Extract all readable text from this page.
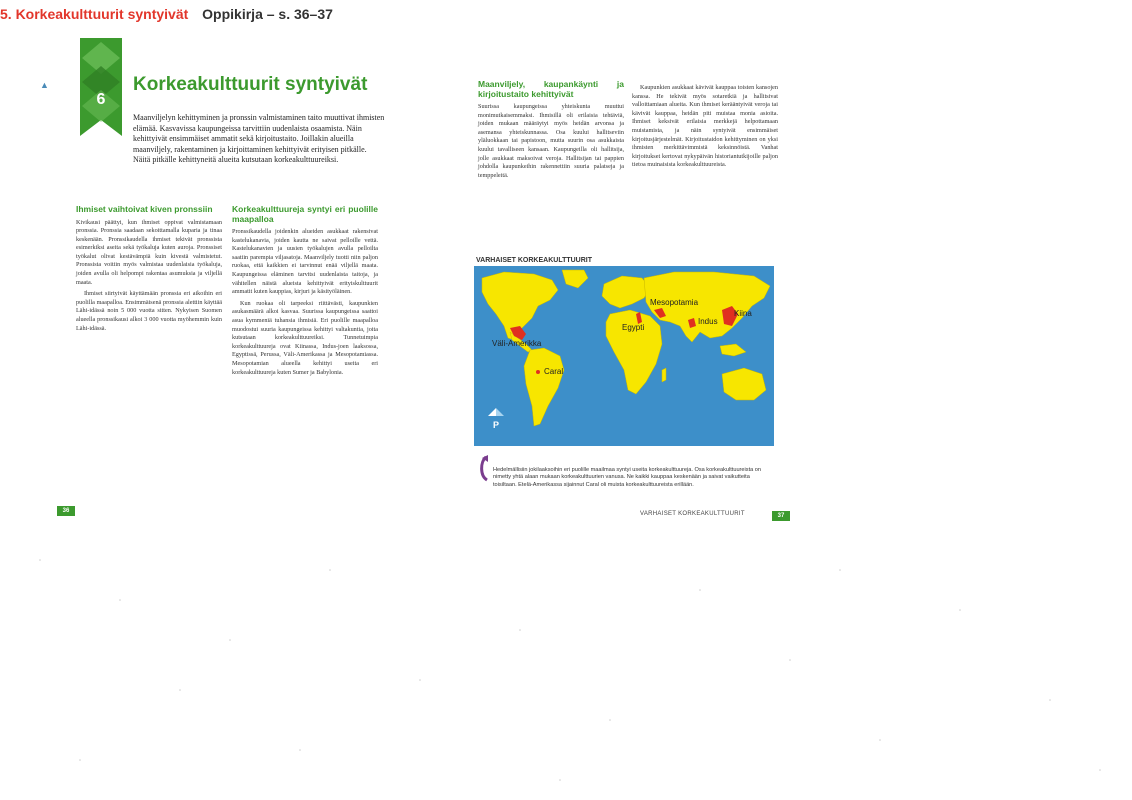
5. Korkeakulttuurit syntyivät Oppikirja – s. 36–37
▲
6
Korkeakulttuurit syntyivät
Maanviljelyn kehittyminen ja pronssin valmistaminen taito muuttivat ihmisten elämää. Kasvavissa kaupungeissa tarvittiin uudenlaista osaamista. Näin kehittyivät ensimmäiset ammatit sekä kirjoitustaito. Joillakin alueilla maanviljely, rakentaminen ja kirjoittaminen kehittyivät erityisen pitkälle. Näitä pitkälle kehittyneitä alueita kutsutaan korkeakulttuureiksi.
Ihmiset vaihtoivat kiven pronssiin

Kivikausi päättyi, kun ihmiset oppivat valmistamaan pronssia. Pronssia saadaan sekoittamalla kuparia ja tinaa keskenään. Pronssikaudella ihmiset tekivät pronssista esimerkiksi aseita sekä työkaluja kuten auroja. Pronssiset työkalut olivat kestävämpiä kuin kivestä valmistetut. Pronssista voitiin myös valmistaa uudenlaisia työkaluja, joiden avulla oli helpompi rakentaa asumuksia ja viljellä maata.

Ihmiset siirtyivät käyttämään pronssia eri aikoihin eri puolilla maapalloa. Ensimmäisenä pronssia alettiin käyttää Lähi-idässä noin 5 000 vuotta sitten. Nykyisen Suomen alueella pronssikausi alkoi 3 000 vuotta myöhemmin kuin Lähi-idässä.

Korkeakulttuureja syntyi eri puolille maapalloa

Pronssikaudella joidenkin alueiden asukkaat rakensivat kastelukanavia, joiden kautta ne saivat pelloille vettä. Kastelukanavien ja uusien työkalujen avulla pelloilta saatiin parempia viljasatoja. Maanviljely tuotti niin paljon ruokaa, että kaikkien ei tarvinnut enää viljellä maata. Kaupungeissa eläminen tarvitsi uudenlaista taitoja, ja vähitellen näistä alueista kehittyivät erityiskulttuurit ammatit kuten kauppias, kirjuri ja käsityöläinen.

Kun ruokaa oli tarpeeksi riittävästi, kaupunkien asukasmäärä alkoi kasvaa. Suurissa kaupungeissa saattoi asua kymmeniä tuhansia ihmisiä. Eri puolille maapalloa muodostui suuria kaupungeissa kehittyi valtakuntia, joita kutsutaan korkeakulttuureiksi. Tunnetuimpia korkeakulttuureja ovat Kiinassa, Indus-joen laaksossa, Egyptissä, Perussa, Väli-Amerikassa ja Mesopotamiassa. Mesopotamian alueella kehittyi useita eri korkeakulttuureja kuten Sumer ja Babylonia.

Maanviljely, kaupankäynti ja kirjoitustaito kehittyivät

Suurissa kaupungeissa yhteiskunta muuttui monimutkaisemmaksi. Ihmisillä oli erilaisia tehtäviä, joiden mukaan määräytyi myös heidän arvonsa ja asemansa yhteiskunnassa. Osa kuului hallitseviin yläluokkaan tai papistoon, mutta suurin osa asukkaista kuului tavalliseen kansaan. Kaupungeilla oli hallitsija, jolle asukkaat maksoivat veroja. Hallitsijan tai pappien johdolla kaupunkeihin rakennettiin suuria palatseja ja temppeleitä.

Kaupunkien asukkaat kävivät kauppaa toisten kansojen kanssa. He tekivät myös sotaretkiä ja hallitsivat valloittamiaan alueita. Kun ihmiset kerääntyivät veroja tai kävivät kauppaa, heidän piti muistaa monia asioita. Ihmiset keksivät erilaisia merkkejä helpottamaan muistamista, ja näin syntyivät ensimmäiset kirjoitusjärjestelmät. Kirjoitustaidon kehittyminen on yksi ihmisten merkittävimmistä keksinnöistä. Vanhat kirjoitukset kertovat nykypäivän historiantutkijoille paljon tietoa muinaisista korkeakulttuureista.

VARHAISET KORKEAKULTTUURIT
Mesopotamia
Kiina
Egypti
Indus
Väli-Amerikka
Caral
P
Hedelmällisiin jokilaaksoihin eri puolille maailmaa syntyi useita korkeakulttuureja. Osa korkeakulttuureista on nimetty yhtä alaan mukaan korkeakulttuurien vanusa. Ne kaikki kauppaa keskenään ja saivat vaikutteita toisiltaan. Etelä-Amerikassa sijainnut Caral oli muista korkeakulttuureista erillään.
36	VARHAISET KORKEAKULTTUURIT	37
